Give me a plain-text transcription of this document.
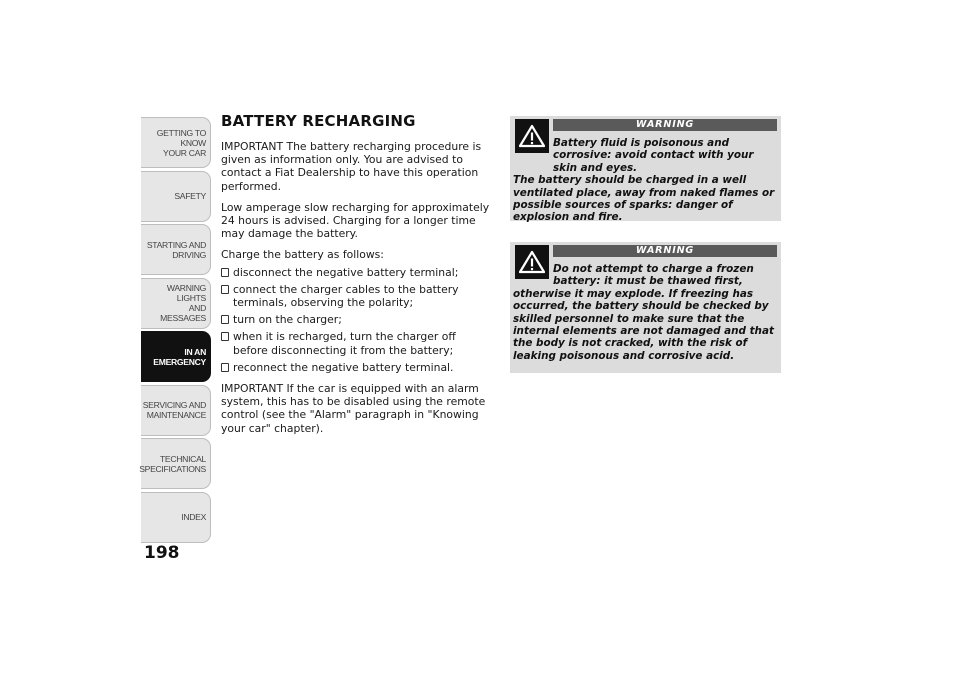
GETTING TO KNOW
YOUR CAR
SAFETY
STARTING AND
DRIVING
WARNING LIGHTS
AND MESSAGES
IN AN
EMERGENCY
SERVICING AND
MAINTENANCE
TECHNICAL
SPECIFICATIONS
INDEX
198
BATTERY RECHARGING

IMPORTANT The battery recharging procedure is given as information only. You are advised to contact a Fiat Dealership to have this operation performed.

Low amperage slow recharging for approximately 24 hours is advised. Charging for a longer time may damage the battery.

Charge the battery as follows:

disconnect the negative battery terminal;
connect the charger cables to the battery terminals, observing the polarity;
turn on the charger;
when it is recharged, turn the charger off before disconnecting it from the battery;
reconnect the negative battery terminal.

IMPORTANT If the car is equipped with an alarm system, this has to be disabled using the remote control (see the "Alarm" paragraph in "Knowing your car" chapter).

WARNING
Battery fluid is poisonous and corrosive: avoid contact with your skin and eyes.
The battery should be charged in a well ventilated place, away from naked flames or possible sources of sparks: danger of explosion and fire.
WARNING
Do not attempt to charge a frozen battery: it must be thawed first,
otherwise it may explode. If freezing has occurred, the battery should be checked by skilled personnel to make sure that the internal elements are not damaged and that the body is not cracked, with the risk of leaking poisonous and corrosive acid.
